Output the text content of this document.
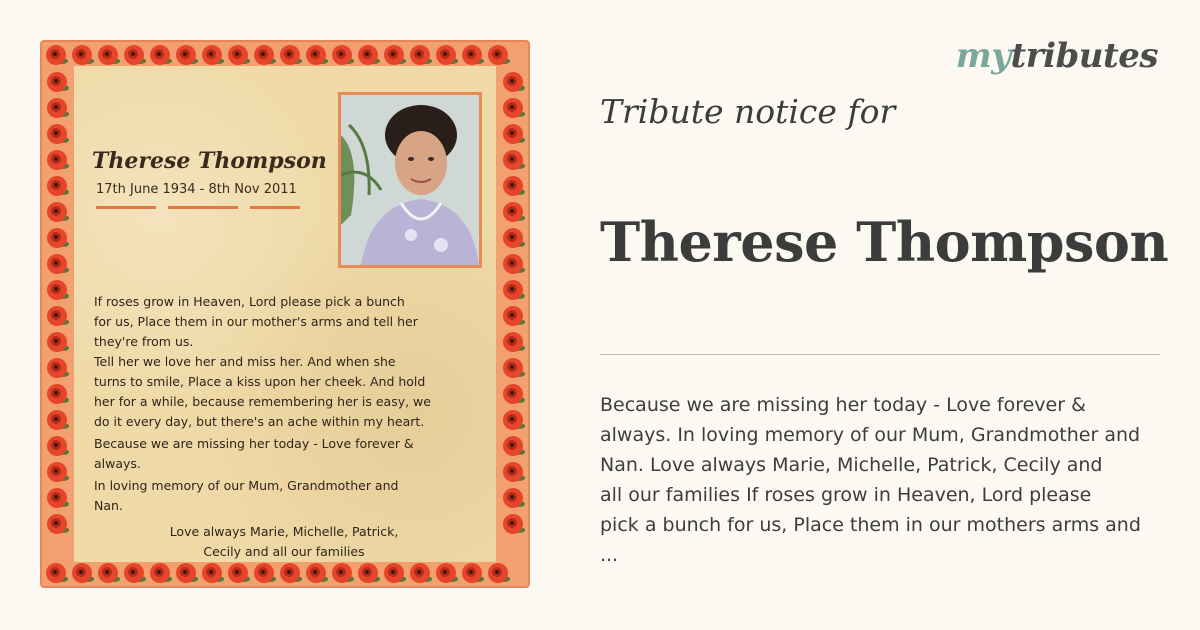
Therese Thompson
17th June 1934 - 8th Nov 2011

If roses grow in Heaven, Lord please pick a bunch

for us, Place them in our mother's arms and tell her

they're from us.

Tell her we love her and miss her. And when she

turns to smile, Place a kiss upon her cheek. And hold

her for a while, because remembering her is easy, we

do it every day, but there's an ache within my heart.

Because we are missing her today - Love forever &

always.

In loving memory of our Mum, Grandmother and

Nan.

Love always Marie, Michelle, Patrick,

Cecily and all our families

mytributes
Tribute notice for
Therese Thompson
Because we are missing her today - Love forever &
always. In loving memory of our Mum, Grandmother and
Nan. Love always Marie, Michelle, Patrick, Cecily and
all our families If roses grow in Heaven, Lord please
pick a bunch for us, Place them in our mothers arms and
...
